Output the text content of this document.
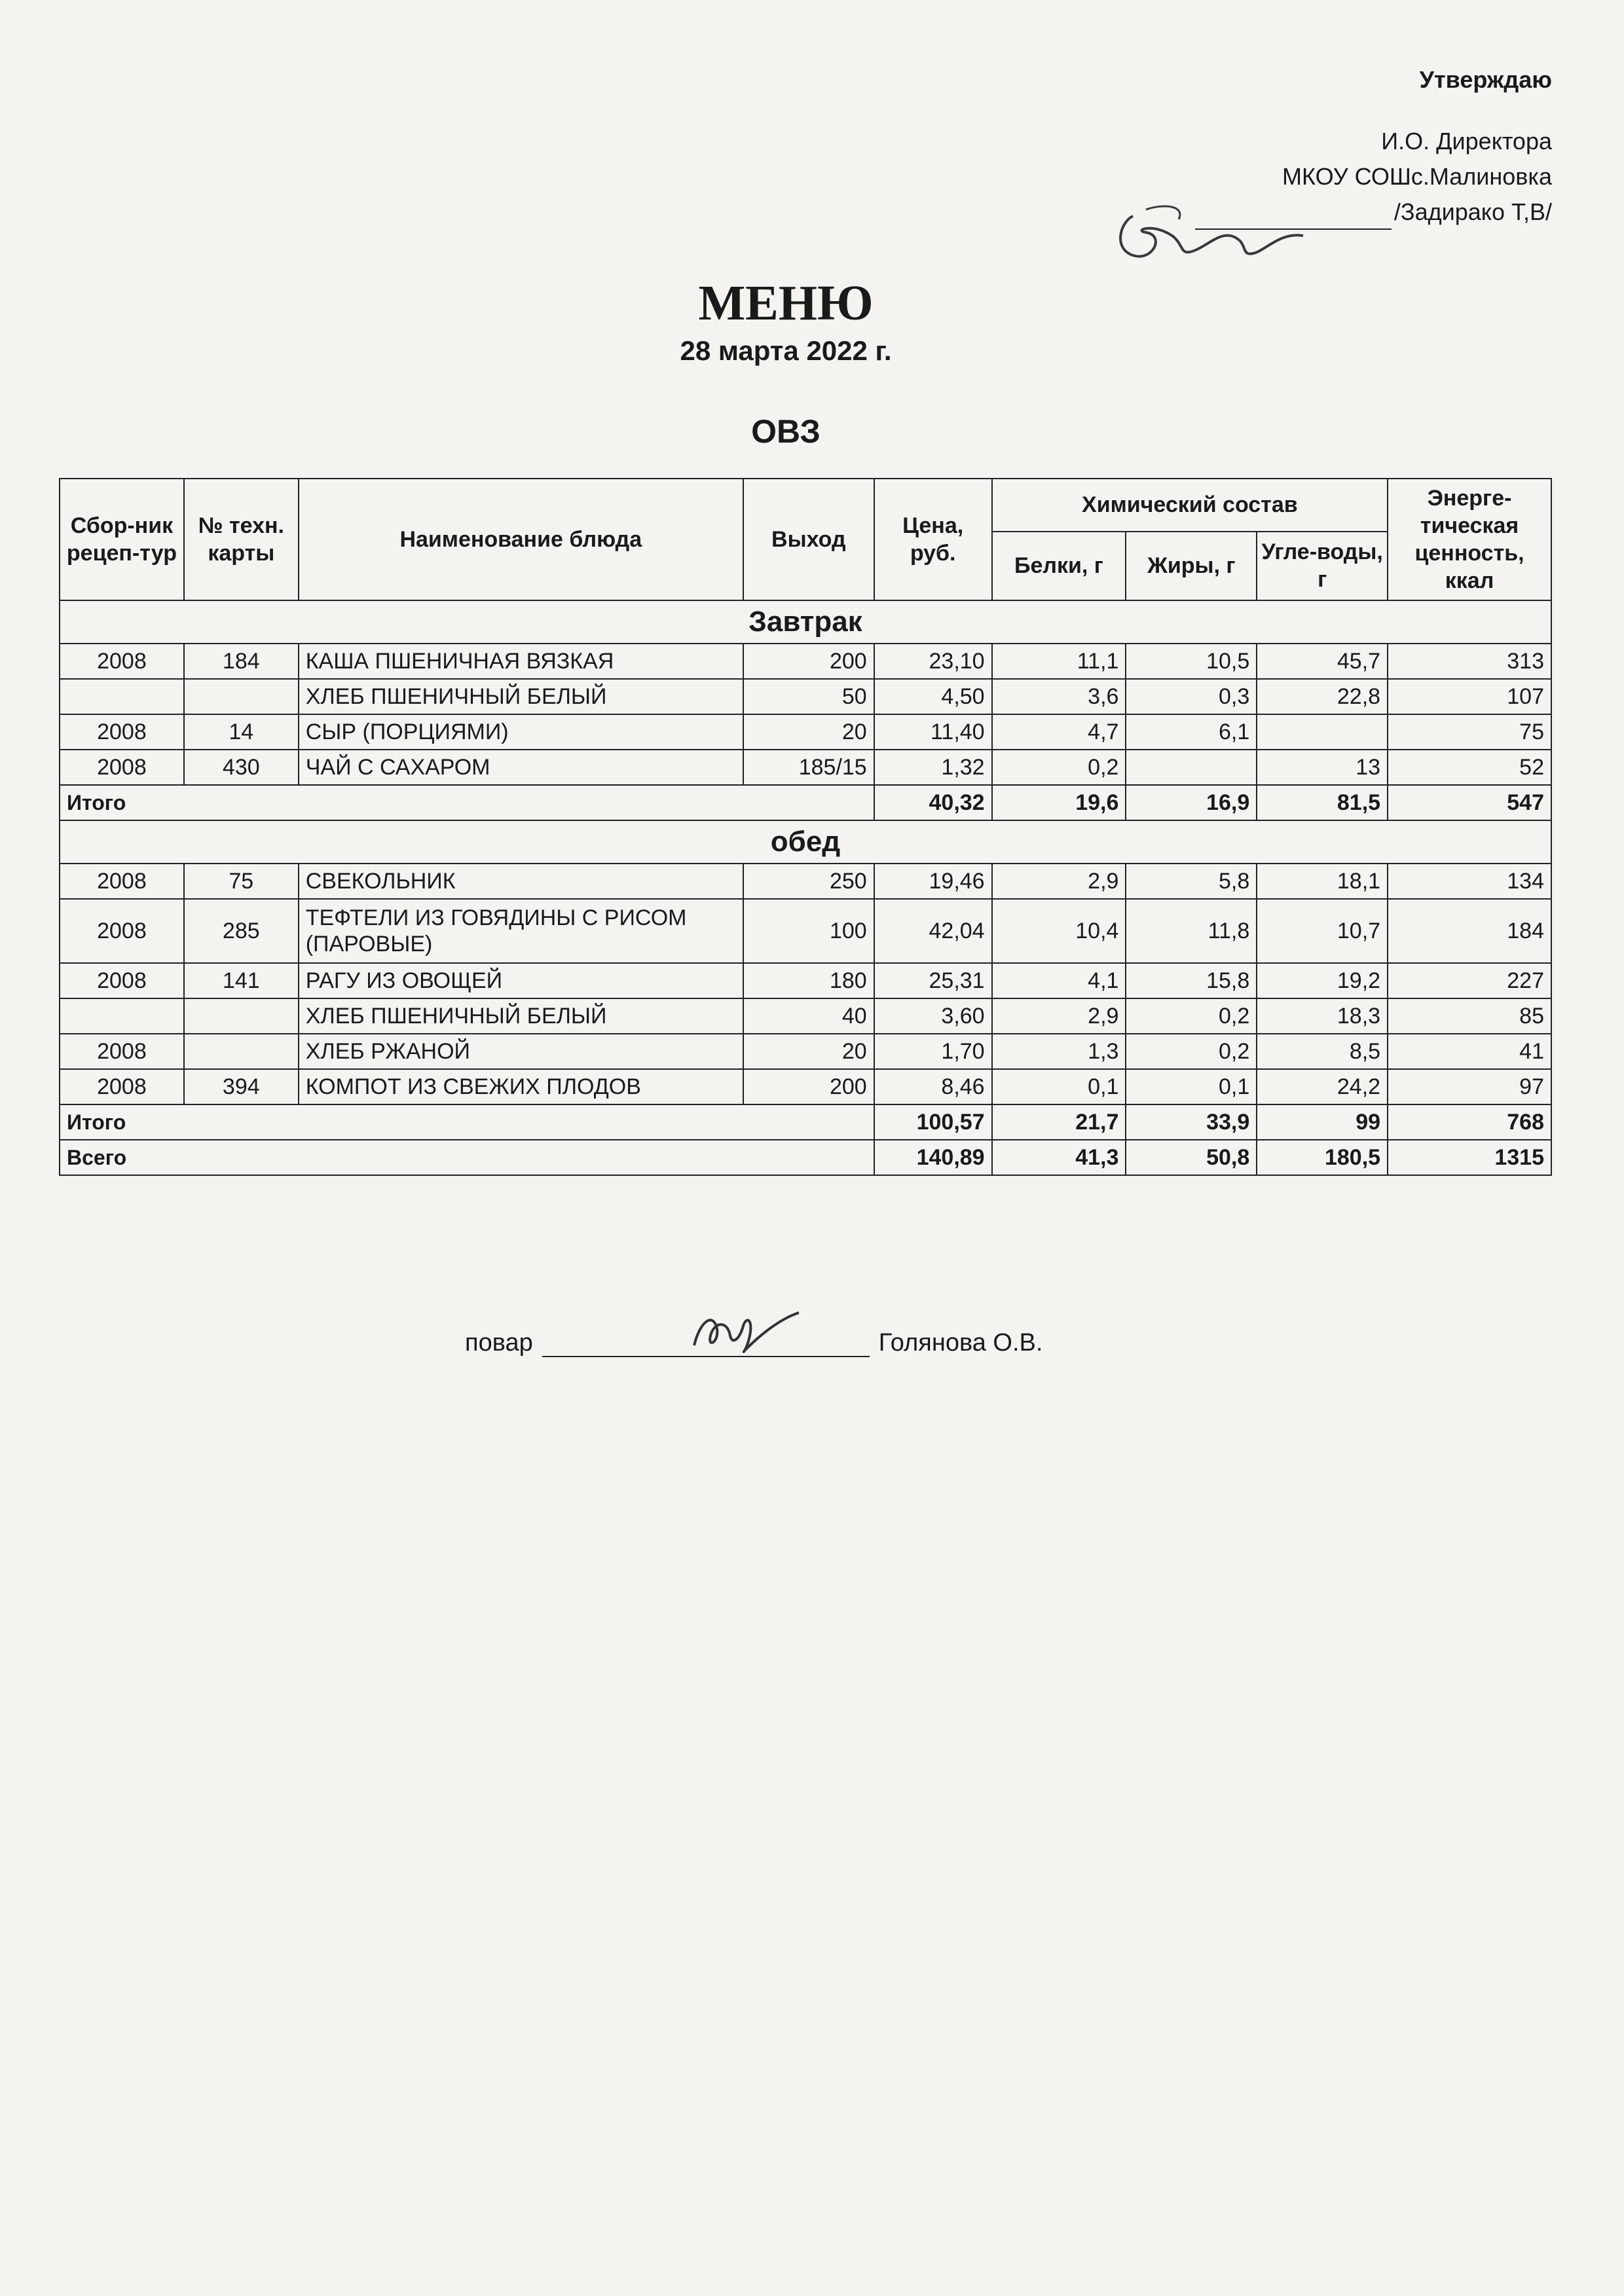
Утверждаю
И.О. Директора
МКОУ СОШс.Малиновка
/Задирако Т,В/
МЕНЮ
28 марта 2022 г.
ОВЗ
Сбор-ник рецеп-тур	№ техн. карты	Наименование блюда	Выход	Цена, руб.	Химический состав			Энерге-тическая ценность, ккал
					Белки, г	Жиры, г	Угле-воды, г	
Завтрак								
2008	184	КАША ПШЕНИЧНАЯ ВЯЗКАЯ	200	23,10	11,1	10,5	45,7	313
		ХЛЕБ ПШЕНИЧНЫЙ БЕЛЫЙ	50	4,50	3,6	0,3	22,8	107
2008	14	СЫР (ПОРЦИЯМИ)	20	11,40	4,7	6,1		75
2008	430	ЧАЙ С САХАРОМ	185/15	1,32	0,2		13	52
Итого				40,32	19,6	16,9	81,5	547
обед								
2008	75	СВЕКОЛЬНИК	250	19,46	2,9	5,8	18,1	134
2008	285	ТЕФТЕЛИ ИЗ ГОВЯДИНЫ С РИСОМ (ПАРОВЫЕ)	100	42,04	10,4	11,8	10,7	184
2008	141	РАГУ ИЗ ОВОЩЕЙ	180	25,31	4,1	15,8	19,2	227
		ХЛЕБ ПШЕНИЧНЫЙ БЕЛЫЙ	40	3,60	2,9	0,2	18,3	85
2008		ХЛЕБ РЖАНОЙ	20	1,70	1,3	0,2	8,5	41
2008	394	КОМПОТ ИЗ СВЕЖИХ ПЛОДОВ	200	8,46	0,1	0,1	24,2	97
Итого				100,57	21,7	33,9	99	768
Всего				140,89	41,3	50,8	180,5	1315
повар	Голянова О.В.
